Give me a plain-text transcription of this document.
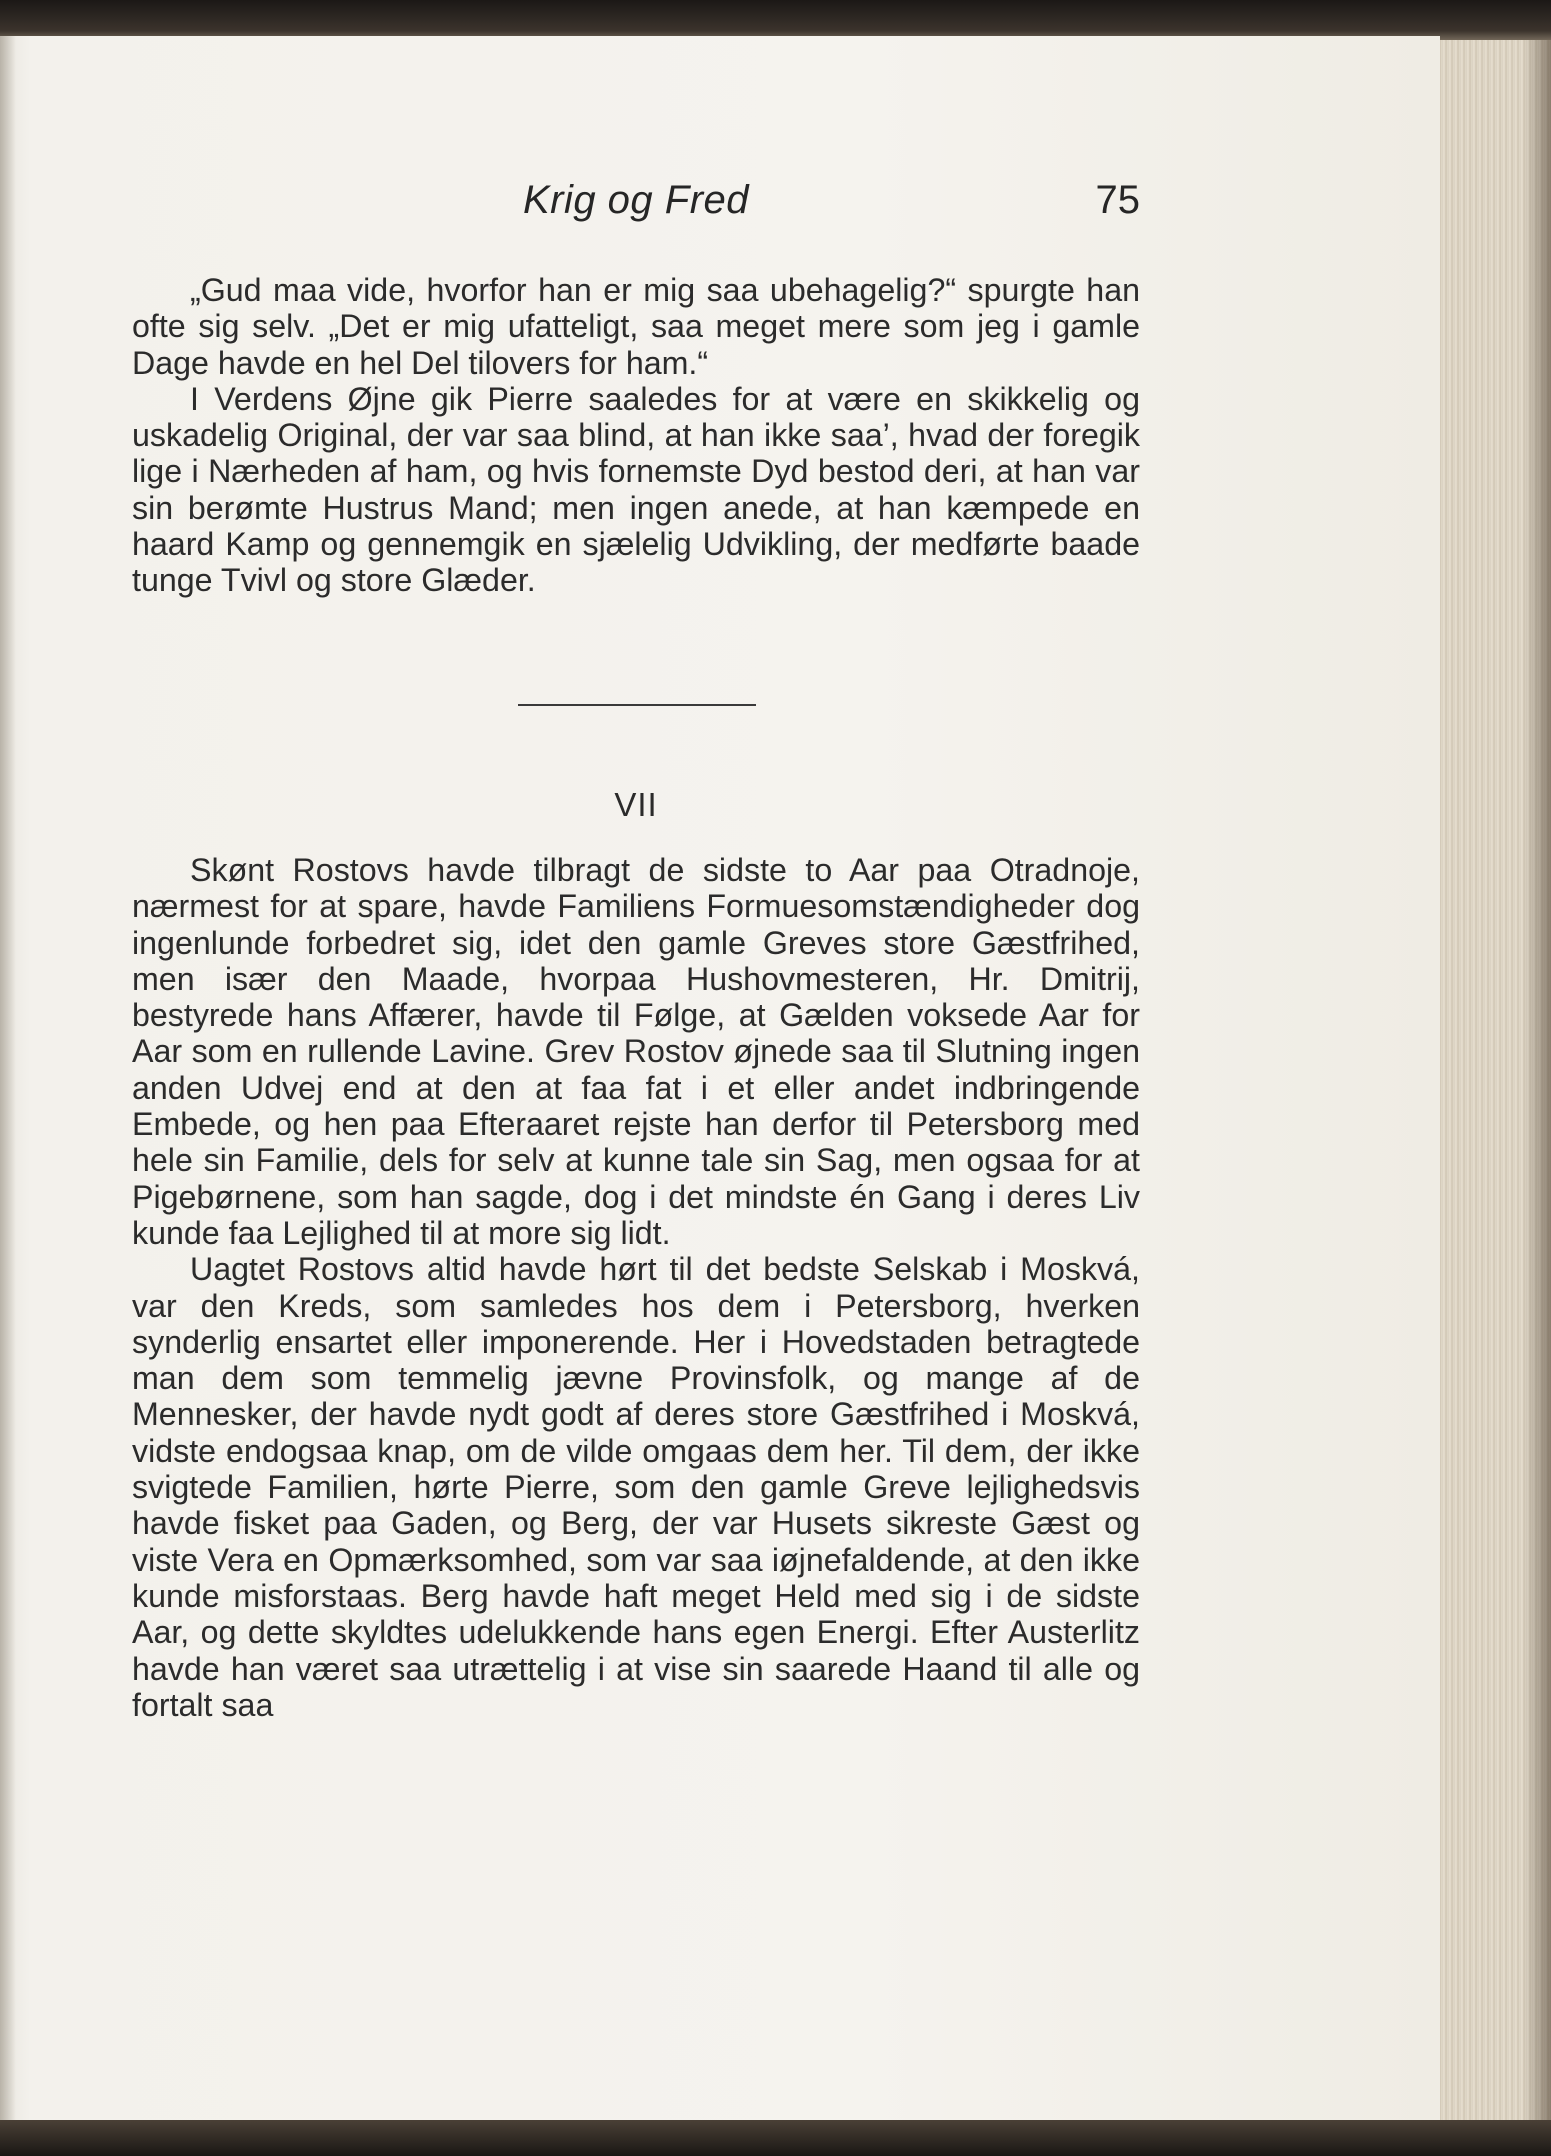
Krig og Fred	75

„Gud maa vide, hvorfor han er mig saa ubehagelig?“ spurgte han ofte sig selv. „Det er mig ufatteligt, saa meget mere som jeg i gamle Dage havde en hel Del tilovers for ham.“

I Verdens Øjne gik Pierre saaledes for at være en skikkelig og uskadelig Original, der var saa blind, at han ikke saa’, hvad der foregik lige i Nærheden af ham, og hvis fornemste Dyd bestod deri, at han var sin berømte Hustrus Mand; men ingen anede, at han kæmpede en haard Kamp og gennemgik en sjælelig Udvikling, der medførte baade tunge Tvivl og store Glæder.

VII

Skønt Rostovs havde tilbragt de sidste to Aar paa Otradnoje, nærmest for at spare, havde Familiens Formuesomstændigheder dog ingenlunde forbedret sig, idet den gamle Greves store Gæstfrihed, men især den Maade, hvorpaa Hushovmesteren, Hr. Dmitrij, bestyrede hans Affærer, havde til Følge, at Gælden voksede Aar for Aar som en rullende Lavine. Grev Rostov øjnede saa til Slutning ingen anden Udvej end at den at faa fat i et eller andet indbringende Embede, og hen paa Efteraaret rejste han derfor til Petersborg med hele sin Familie, dels for selv at kunne tale sin Sag, men ogsaa for at Pigebørnene, som han sagde, dog i det mindste én Gang i deres Liv kunde faa Lejlighed til at more sig lidt.

Uagtet Rostovs altid havde hørt til det bedste Selskab i Moskvá, var den Kreds, som samledes hos dem i Petersborg, hverken synderlig ensartet eller imponerende. Her i Hovedstaden betragtede man dem som temmelig jævne Provinsfolk, og mange af de Mennesker, der havde nydt godt af deres store Gæstfrihed i Moskvá, vidste endogsaa knap, om de vilde omgaas dem her. Til dem, der ikke svigtede Familien, hørte Pierre, som den gamle Greve lejlighedsvis havde fisket paa Gaden, og Berg, der var Husets sikreste Gæst og viste Vera en Opmærksomhed, som var saa iøjnefaldende, at den ikke kunde misforstaas. Berg havde haft meget Held med sig i de sidste Aar, og dette skyldtes udelukkende hans egen Energi. Efter Austerlitz havde han været saa utrættelig i at vise sin saarede Haand til alle og fortalt saa
